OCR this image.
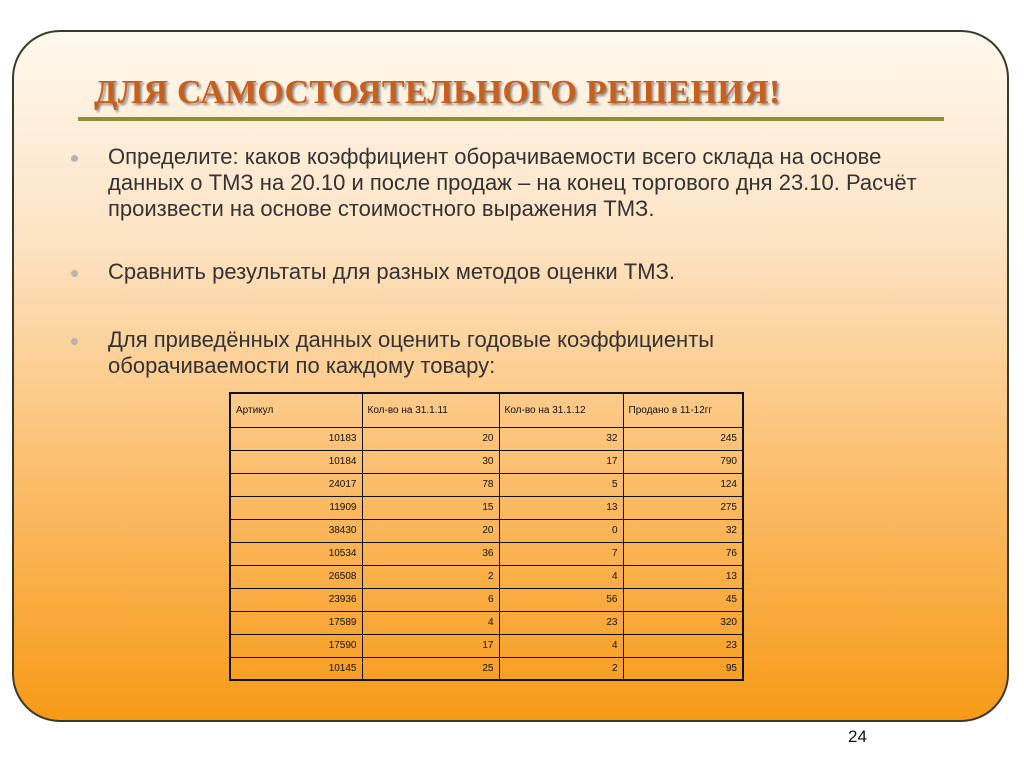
ДЛЯ САМОСТОЯТЕЛЬНОГО РЕШЕНИЯ!

Определите: каков коэффициент оборачиваемости всего склада на основе данных о ТМЗ на 20.10 и после продаж – на конец торгового дня 23.10. Расчёт произвести на основе стоимостного выражения ТМЗ.

Сравнить результаты для разных методов оценки ТМЗ.

Для приведённых данных оценить годовые коэффициенты оборачиваемости по каждому товару:

Артикул	Кол-во на 31.1.11	Кол-во на 31.1.12	Продано в 11-12гг
10183	20	32	245
10184	30	17	790
24017	78	5	124
11909	15	13	275
38430	20	0	32
10534	36	7	76
26508	2	4	13
23936	6	56	45
17589	4	23	320
17590	17	4	23
10145	25	2	95
24
